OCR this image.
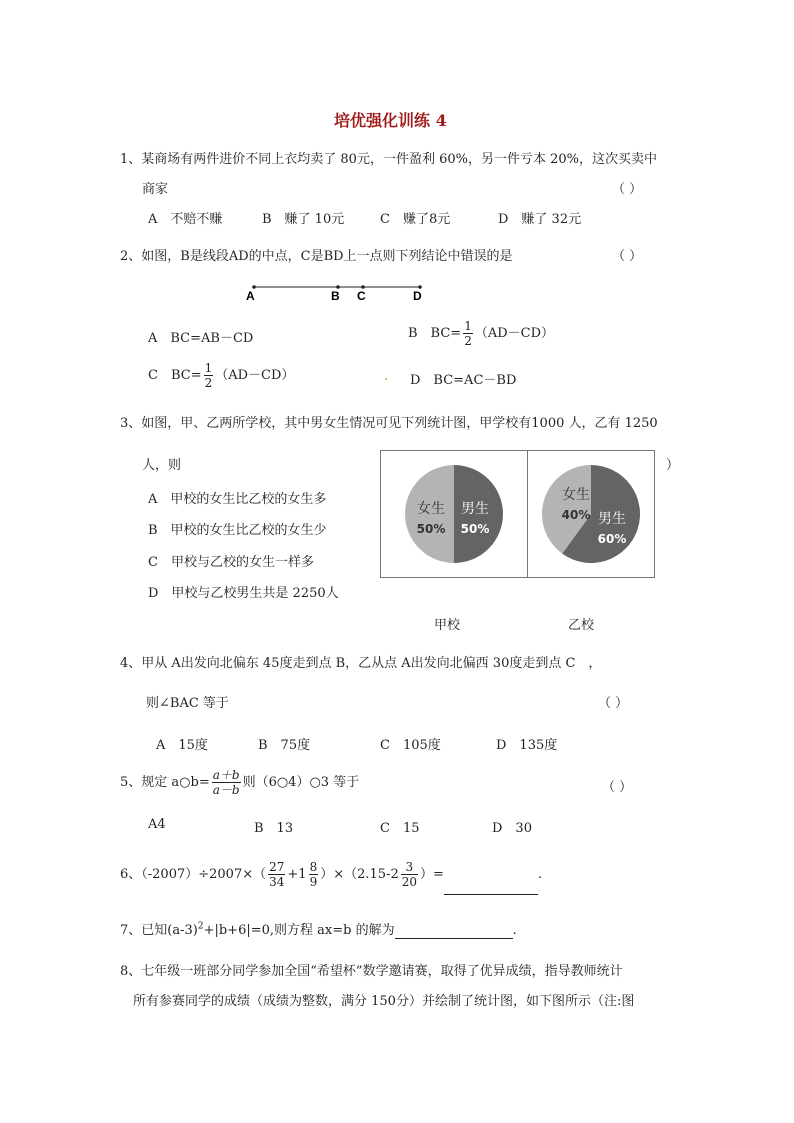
培优强化训练 4
1、某商场有两件进价不同上衣均卖了 80元，一件盈利 60%，另一件亏本 20%，这次买卖中
商家	（ ）
A　不赔不赚	B　赚了 10元	C　赚了8元	D　赚了 32元
2、如图，B是线段AD的中点，C是BD上一点则下列结论中错误的是	（ ）
A	B C	D
A　BC=AB－CD	B　$BC= \frac{1}{2} (AD-CD)$
C　$BC= \frac{1}{2} (AD-CD)$	. D　BC=AC－BD
3、如图，甲、乙两所学校，其中男女生情况可见下列统计图，甲学校有1000 人，乙有 1250
人，则	）
A　甲校的女生比乙校的女生多
B　甲校的女生比乙校的女生少
C　甲校与乙校的女生一样多
D　甲校与乙校男生共是 2250人
女生
50%
男生
50%
女生
40% 男生
60%
甲校	乙校
4、甲从 A出发向北偏东 45度走到点 B，乙从点 A出发向北偏西 30度走到点 C　，
则∠BAC 等于	（ ）
A　15度	B　75度	C　105度	D　135度
5、规定 a○b= $\frac{a+b}{a-b}$ 则（6○4）○3 等于	（ ）
A4	B　13	C　15	D　30
6、$(-2007)\div 2007\times( \frac{27}{34} +1 \frac{8}{9} )\times(2.15-2 \frac{3}{20}$ ）=	.
7、已知$(a-3)^2+|b+6|=0$,则方程 ax=b 的解为	.
8、七年级一班部分同学参加全国“希望杯”数学邀请赛，取得了优异成绩，指导教师统计
所有参赛同学的成绩（成绩为整数，满分 150分）并绘制了统计图，如下图所示（注:图
